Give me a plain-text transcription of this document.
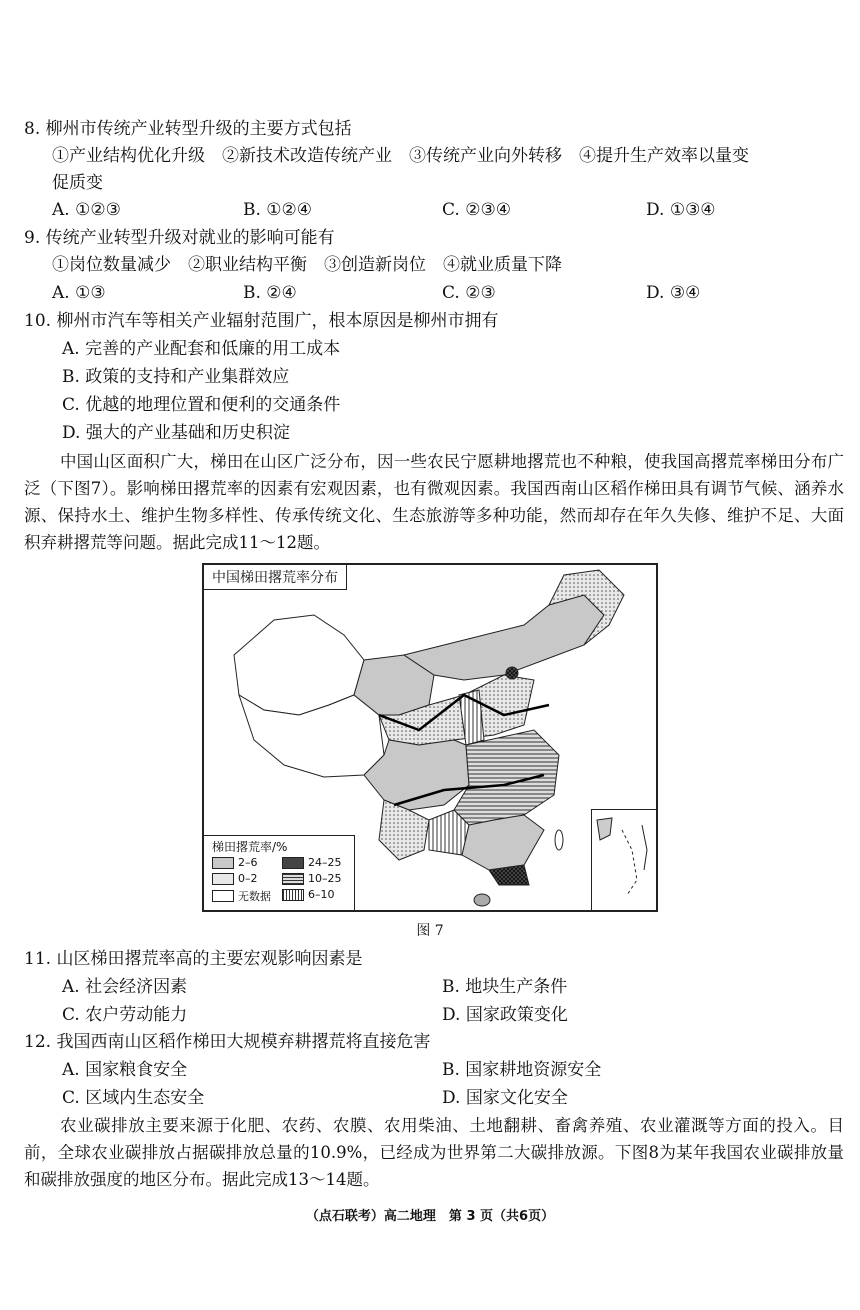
8. 柳州市传统产业转型升级的主要方式包括
①产业结构优化升级　②新技术改造传统产业　③传统产业向外转移　④提升生产效率以量变
促质变
A. ①②③	B. ①②④	C. ②③④	D. ①③④
9. 传统产业转型升级对就业的影响可能有
①岗位数量减少　②职业结构平衡　③创造新岗位　④就业质量下降
A. ①③	B. ②④	C. ②③	D. ③④
10. 柳州市汽车等相关产业辐射范围广，根本原因是柳州市拥有
A. 完善的产业配套和低廉的用工成本
B. 政策的支持和产业集群效应
C. 优越的地理位置和便利的交通条件
D. 强大的产业基础和历史积淀
中国山区面积广大，梯田在山区广泛分布，因一些农民宁愿耕地撂荒也不种粮，使我国高撂荒率梯田分布广泛（下图7）。影响梯田撂荒率的因素有宏观因素，也有微观因素。我国西南山区稻作梯田具有调节气候、涵养水源、保持水土、维护生物多样性、传承传统文化、生态旅游等多种功能，然而却存在年久失修、维护不足、大面积弃耕撂荒等问题。据此完成11～12题。
中国梯田撂荒率分布
梯田撂荒率/%
2–6	24–25
0–2	10–25
无数据	6–10
图 7
11. 山区梯田撂荒率高的主要宏观影响因素是
A. 社会经济因素	B. 地块生产条件
C. 农户劳动能力	D. 国家政策变化
12. 我国西南山区稻作梯田大规模弃耕撂荒将直接危害
A. 国家粮食安全	B. 国家耕地资源安全
C. 区域内生态安全	D. 国家文化安全
农业碳排放主要来源于化肥、农药、农膜、农用柴油、土地翻耕、畜禽养殖、农业灌溉等方面的投入。目前，全球农业碳排放占据碳排放总量的10.9%，已经成为世界第二大碳排放源。下图8为某年我国农业碳排放量和碳排放强度的地区分布。据此完成13～14题。
（点石联考）高二地理　第 3 页（共6页）
